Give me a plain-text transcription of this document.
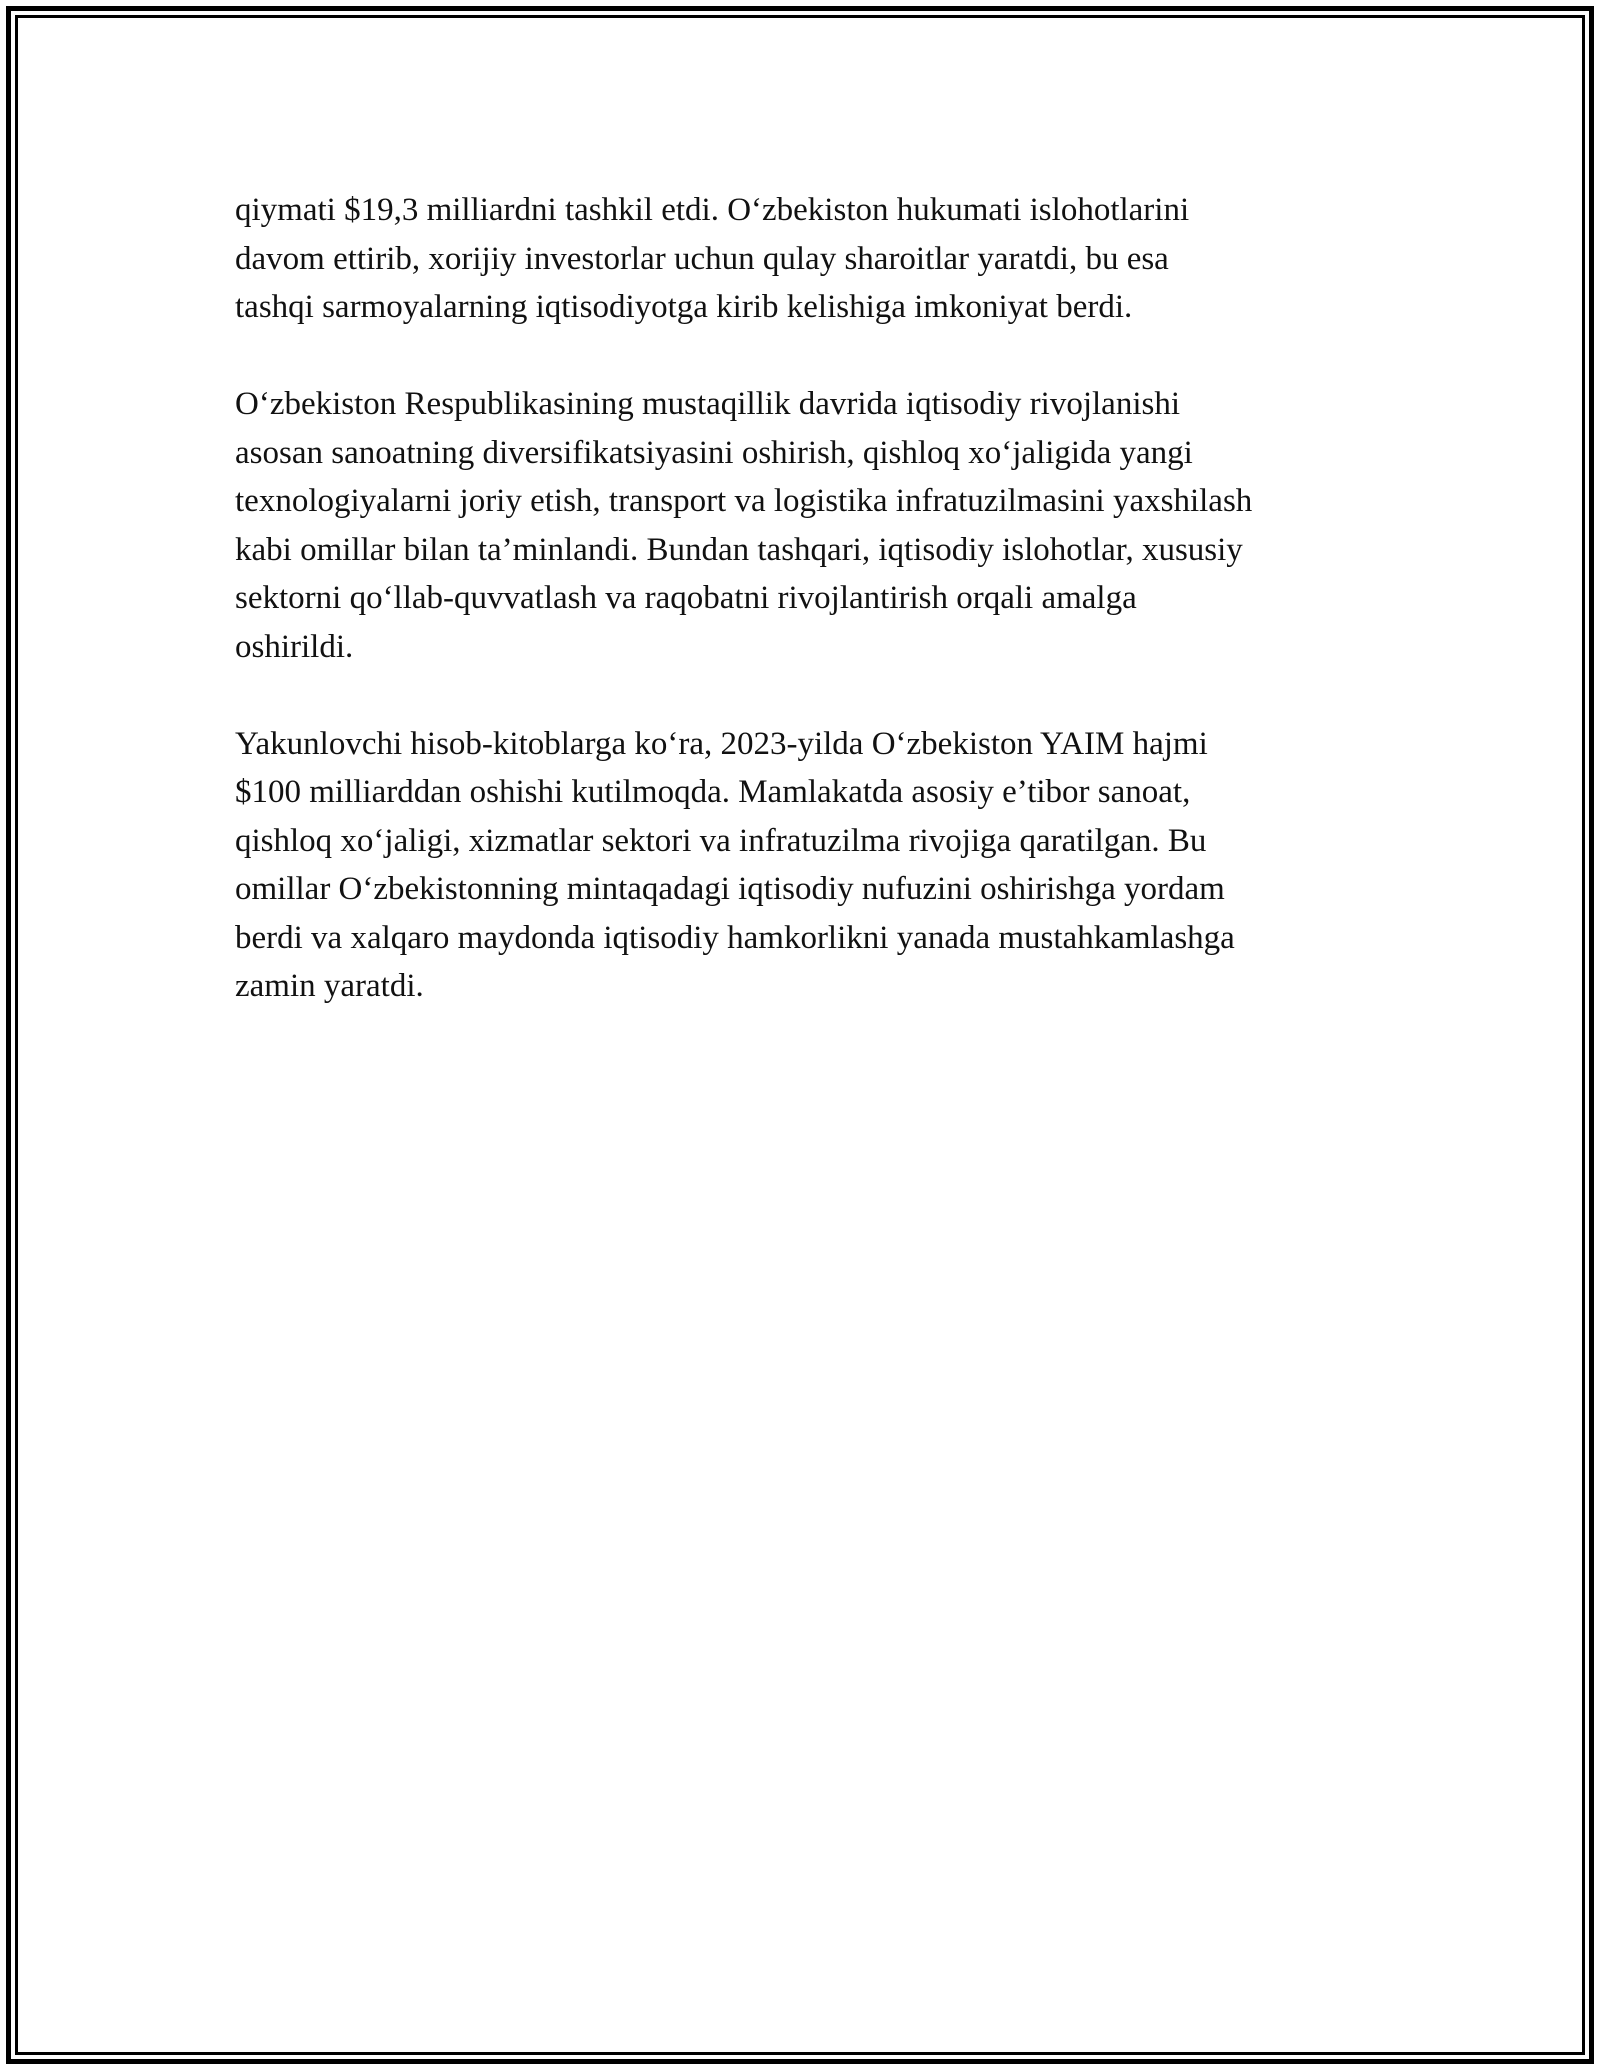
qiymati $19,3 milliardni tashkil etdi. O‘zbekiston hukumati islohotlarini
davom ettirib, xorijiy investorlar uchun qulay sharoitlar yaratdi, bu esa
tashqi sarmoyalarning iqtisodiyotga kirib kelishiga imkoniyat berdi.

O‘zbekiston Respublikasining mustaqillik davrida iqtisodiy rivojlanishi
asosan sanoatning diversifikatsiyasini oshirish, qishloq xo‘jaligida yangi
texnologiyalarni joriy etish, transport va logistika infratuzilmasini yaxshilash
kabi omillar bilan ta’minlandi. Bundan tashqari, iqtisodiy islohotlar, xususiy
sektorni qo‘llab-quvvatlash va raqobatni rivojlantirish orqali amalga
oshirildi.

Yakunlovchi hisob-kitoblarga ko‘ra, 2023-yilda O‘zbekiston YAIM hajmi
$100 milliarddan oshishi kutilmoqda. Mamlakatda asosiy e’tibor sanoat,
qishloq xo‘jaligi, xizmatlar sektori va infratuzilma rivojiga qaratilgan. Bu
omillar O‘zbekistonning mintaqadagi iqtisodiy nufuzini oshirishga yordam
berdi va xalqaro maydonda iqtisodiy hamkorlikni yanada mustahkamlashga
zamin yaratdi.
